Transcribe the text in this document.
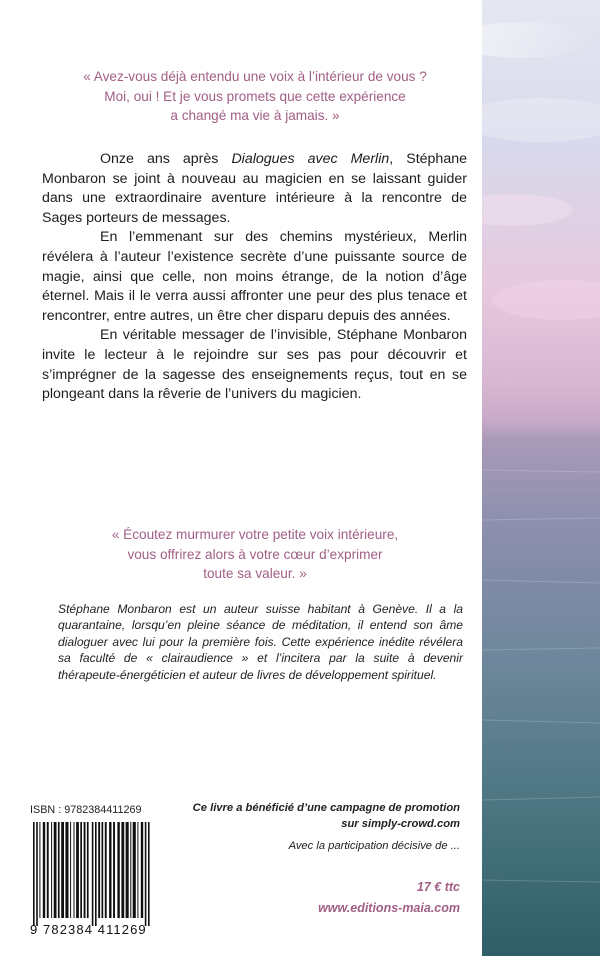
« Avez-vous déjà entendu une voix à l’intérieur de vous ?

Moi, oui ! Et je vous promets que cette expérience

a changé ma vie à jamais. »

Onze ans après Dialogues avec Merlin, Stéphane Monbaron se joint à nouveau au magicien en se laissant guider dans une extraordinaire aventure intérieure à la rencontre de Sages porteurs de messages.

En l’emmenant sur des chemins mystérieux, Merlin révélera à l’auteur l’existence secrète d’une puissante source de magie, ainsi que celle, non moins étrange, de la notion d’âge éternel. Mais il le verra aussi affronter une peur des plus tenace et rencontrer, entre autres, un être cher disparu depuis des années.

En véritable messager de l’invisible, Stéphane Monbaron invite le lecteur à le rejoindre sur ses pas pour découvrir et s’imprégner de la sagesse des enseignements reçus, tout en se plongeant dans la rêverie de l’univers du magicien.

« Écoutez murmurer votre petite voix intérieure,

vous offrirez alors à votre cœur d’exprimer

toute sa valeur. »

Stéphane Monbaron est un auteur suisse habitant à Genève. Il a la quarantaine, lorsqu’en pleine séance de méditation, il entend son âme dialoguer avec lui pour la première fois. Cette expérience inédite révélera sa faculté de « clairaudience » et l’incitera par la suite à devenir thérapeute-énergéticien et auteur de livres de développement spirituel.
ISBN : 9782384411269
9 782384 411269

Ce livre a bénéficié d’une campagne de promotion

sur simply-crowd.com

Avec la participation décisive de ...
17 € ttc
www.editions-maia.com
